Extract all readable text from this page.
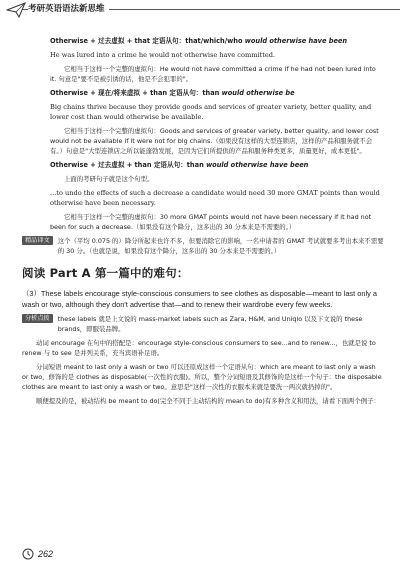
考研英语语法新思维

Otherwise + 过去虚拟 + that 定语从句：that/which/who would otherwise have been

He was lured into a crime he would not otherwise have committed.

它相当于这样一个完整的虚拟句：He would not have committed a crime if he had not been lured into it. 句意是"要不是被引诱的话，他是不会犯罪的"。

Otherwise + 现在/将来虚拟 + than 定语从句：than would otherwise be

Big chains thrive because they provide goods and services of greater variety, better quality, and lower cost than would otherwise be available.

它相当于这样一个完整的虚拟句：Goods and services of greater variety, better quality, and lower cost would not be available if it were not for big chains.（如果没有这样的大型连锁店，这样的产品和服务就不会有。）句意是"大型连锁店之所以能蓬勃发展，是因为它们所提供的产品和服务种类更多，质量更好，成本更低"。

Otherwise + 过去虚拟 + than 定语从句：than would otherwise have been

上面的考研句子就是这个句型。

...to undo the effects of such a decrease a candidate would need 30 more GMAT points than would otherwise have been necessary.

它相当于这样一个完整的虚拟句：30 more GMAT points would not have been necessary if it had not been for such a decrease.（如果没有这个降分，这多出的 30 分本来是不需要的。）

精品译文	这个（平均 0.075 的）降分所起来也许不多，但要消除它的影响，一名申请者的 GMAT 考试就要多考出本来不需要的 30 分。（也就是说，如果没有这个降分，这多出的 30 分本来是不需要的。）
阅读 Part A 第一篇中的难句：

（3）These labels encourage style-conscious consumers to see clothes as disposable—meant to last only a wash or two, although they don't advertise that—and to renew their wardrobe every few weeks.

分析点拨	these labels 就是上文说的 mass-market labels such as Zara, H&M, and Uniqlo 以及下文说的 these brands，即服装品牌。

动词 encourage 在句中的搭配是：encourage style-conscious consumers to see...and to renew...，也就是说 to renew 与 to see 是并列关系，充当宾语补足语。

分词短语 meant to last only a wash or two 可以还原成这样一个定语从句：which are meant to last only a wash or two，修饰的是 clothes as disposable(一次性的衣服)。所以，整个分词短语及其修饰的是这样一个句子：the disposable clothes are meant to last only a wash or two。意思是"这样一次性的衣服本来就是要洗一两次就扔掉的"。

顺便提及的是，被动结构 be meant to do(完全不同于主动结构的 mean to do)有多种含义和用法，请看下面两个例子：

262
